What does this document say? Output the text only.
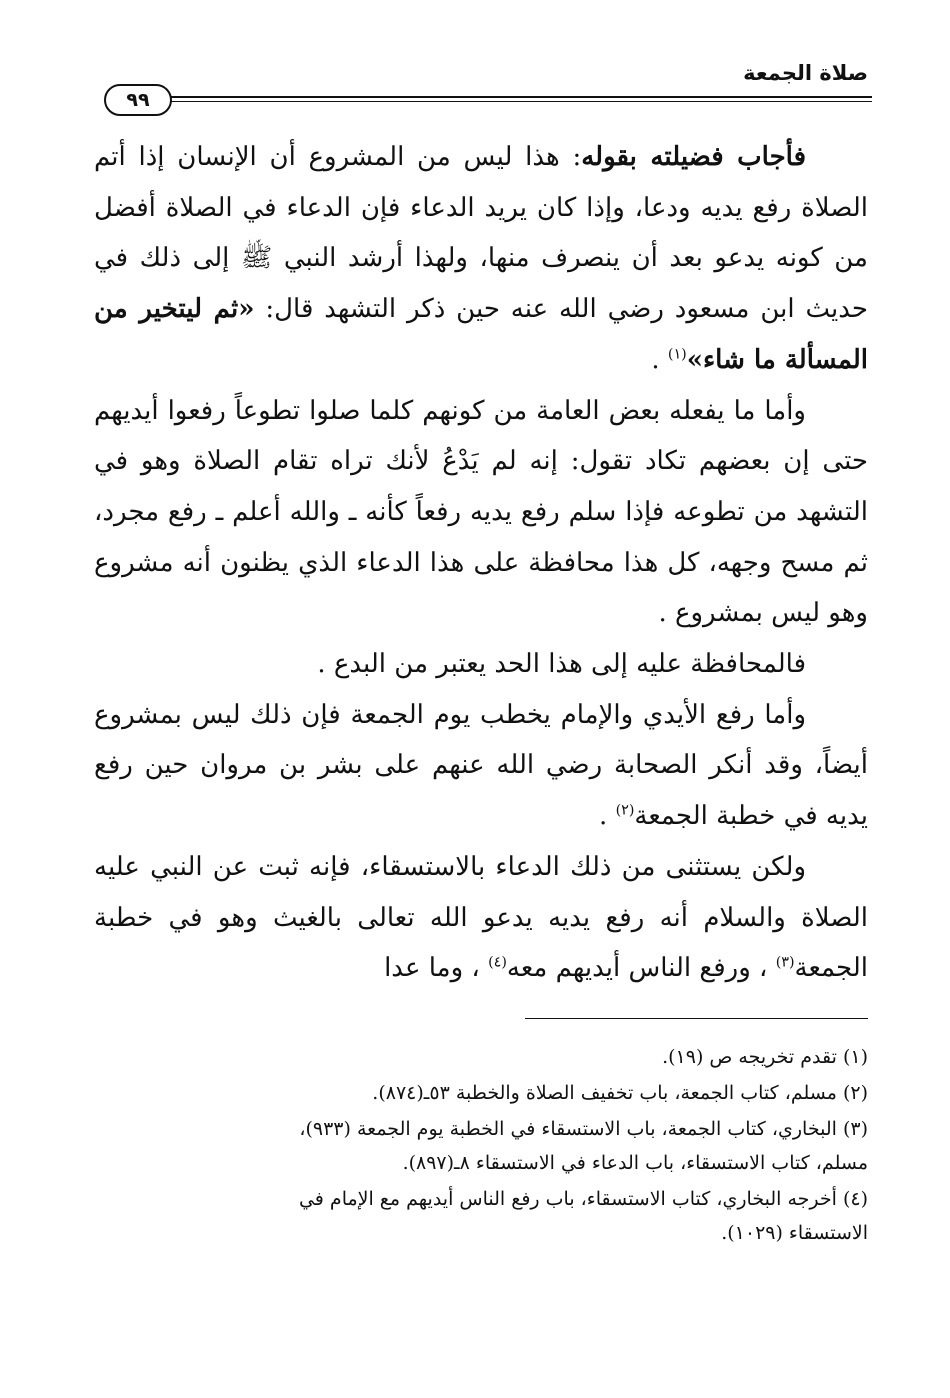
صلاة الجمعة
٩٩

فأجاب فضيلته بقوله: هذا ليس من المشروع أن الإنسان إذا أتم الصلاة رفع يديه ودعا، وإذا كان يريد الدعاء فإن الدعاء في الصلاة أفضل من كونه يدعو بعد أن ينصرف منها، ولهذا أرشد النبي ﷺ إلى ذلك في حديث ابن مسعود رضي الله عنه حين ذكر التشهد قال: «ثم ليتخير من المسألة ما شاء»$^{(١)}$ .

وأما ما يفعله بعض العامة من كونهم كلما صلوا تطوعاً رفعوا أيديهم حتى إن بعضهم تكاد تقول: إنه لم يَدْعُ لأنك تراه تقام الصلاة وهو في التشهد من تطوعه فإذا سلم رفع يديه رفعاً كأنه ـ والله أعلم ـ رفع مجرد، ثم مسح وجهه، كل هذا محافظة على هذا الدعاء الذي يظنون أنه مشروع وهو ليس بمشروع .

فالمحافظة عليه إلى هذا الحد يعتبر من البدع .

وأما رفع الأيدي والإمام يخطب يوم الجمعة فإن ذلك ليس بمشروع أيضاً، وقد أنكر الصحابة رضي الله عنهم على بشر بن مروان حين رفع يديه في خطبة الجمعة$^{(٢)}$ .

ولكن يستثنى من ذلك الدعاء بالاستسقاء، فإنه ثبت عن النبي عليه الصلاة والسلام أنه رفع يديه يدعو الله تعالى بالغيث وهو في خطبة الجمعة$^{(٣)}$ ، ورفع الناس أيديهم معه$^{(٤)}$ ، وما عدا

(١) تقدم تخريجه ص (١٩).

(٢) مسلم، كتاب الجمعة، باب تخفيف الصلاة والخطبة ٥٣ـ(٨٧٤).

(٣) البخاري، كتاب الجمعة، باب الاستسقاء في الخطبة يوم الجمعة (٩٣٣)،
مسلم، كتاب الاستسقاء، باب الدعاء في الاستسقاء ٨ـ(٨٩٧).

(٤) أخرجه البخاري، كتاب الاستسقاء، باب رفع الناس أيديهم مع الإمام في
الاستسقاء (١٠٢٩).
